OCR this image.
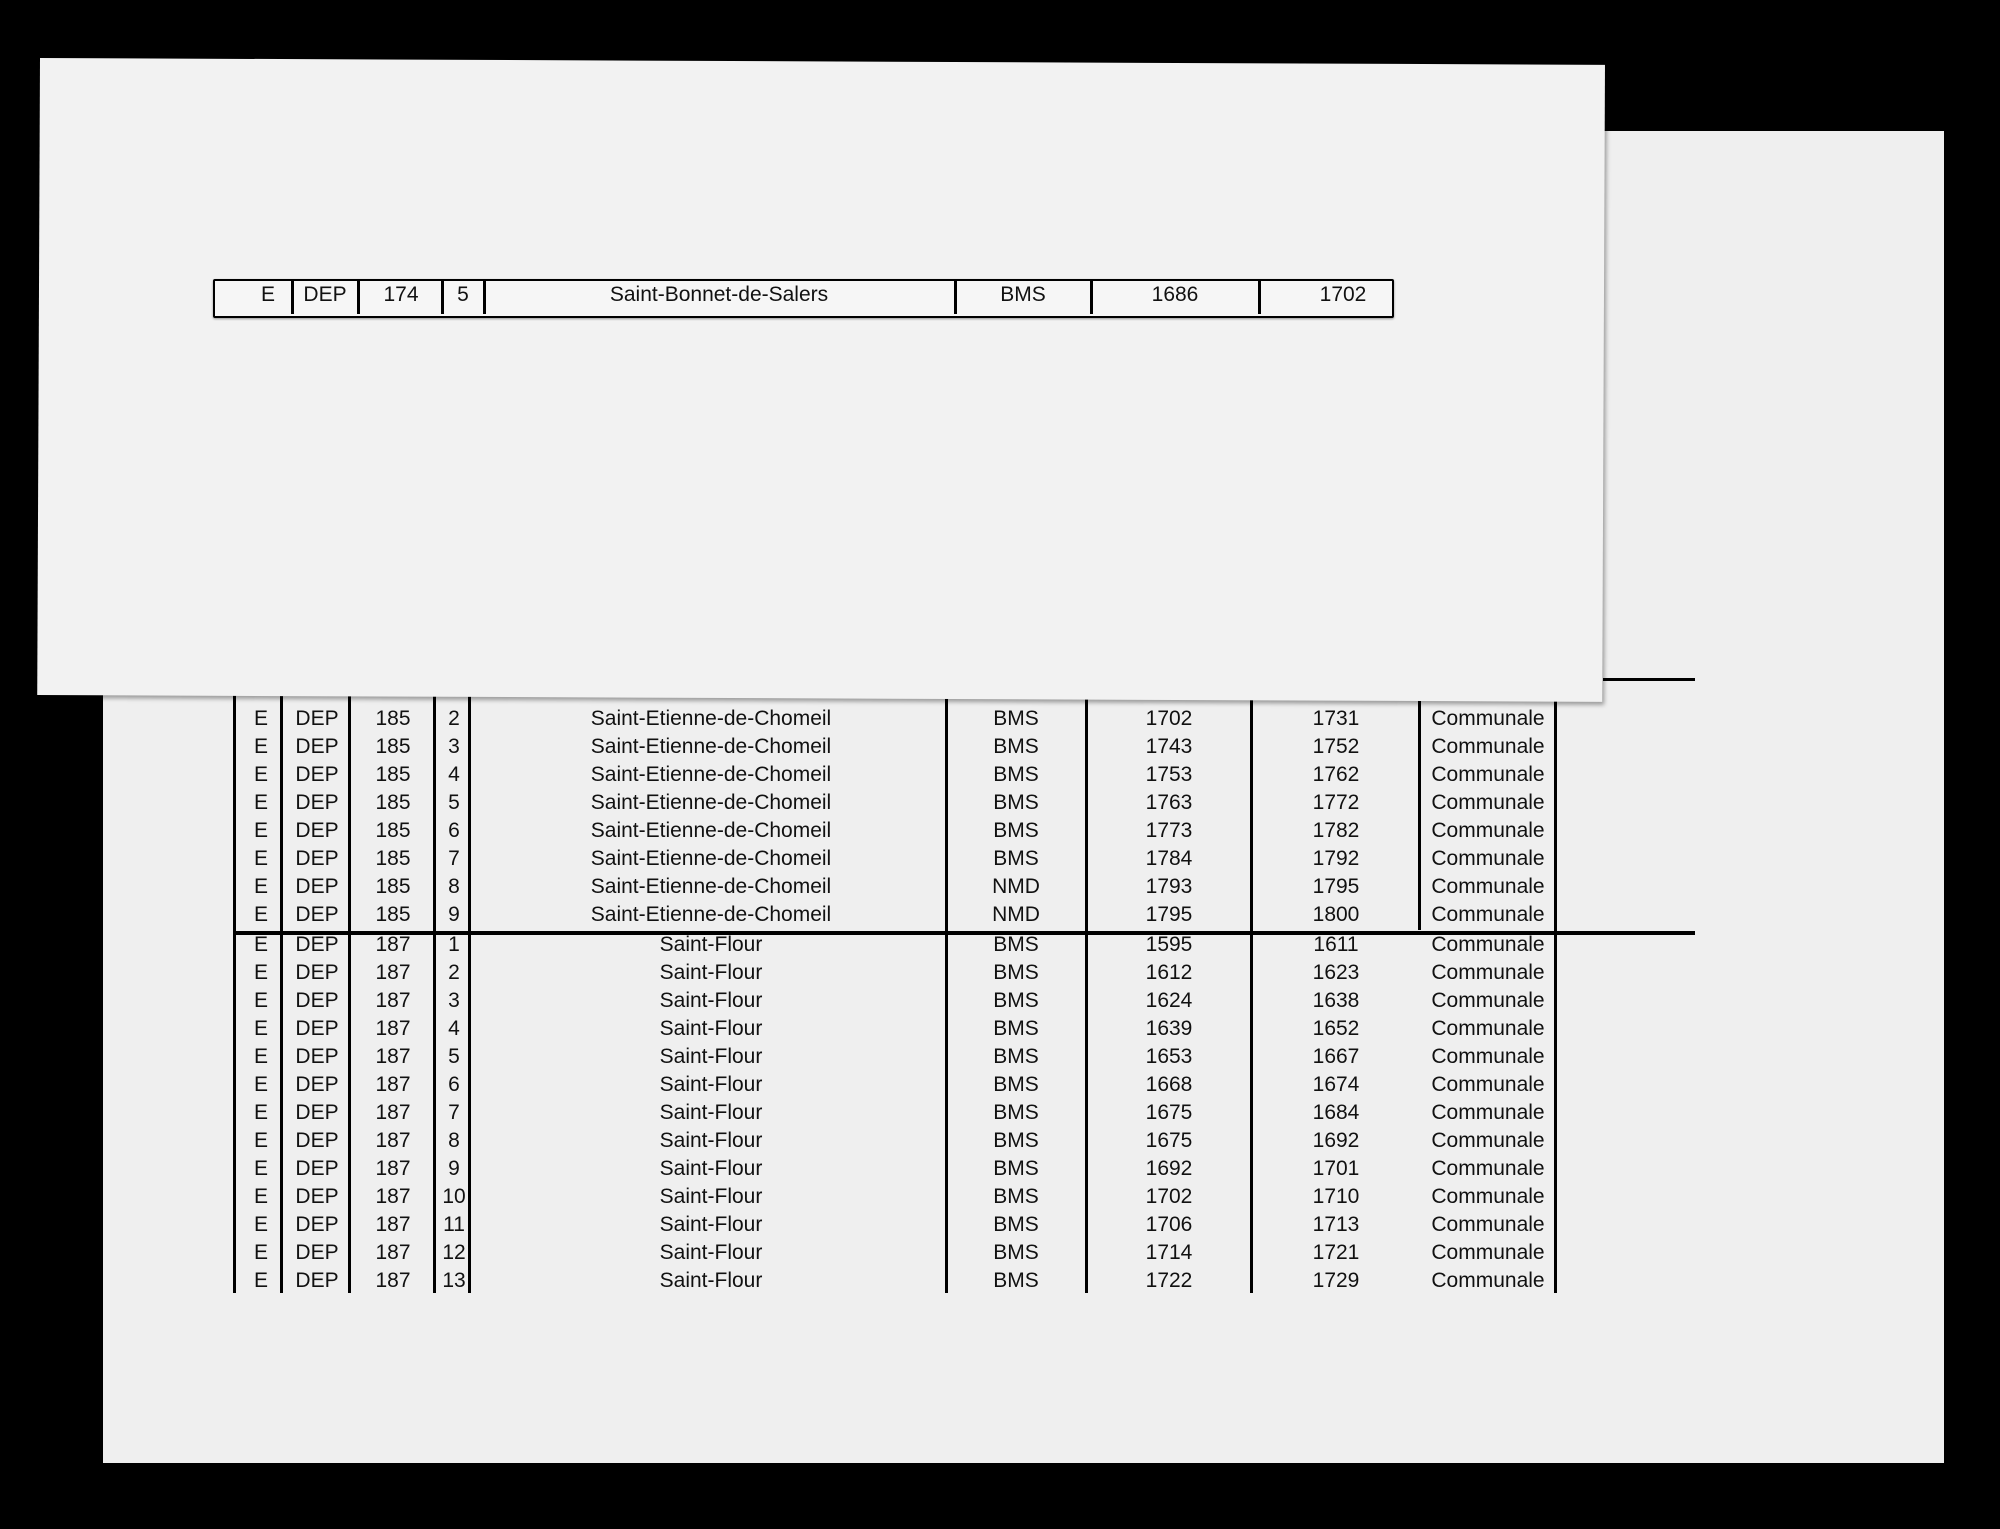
E DEP 185 2	Saint-Etienne-de-Chomeil	BMS	1702	1731	Communale
E DEP 185 3	Saint-Etienne-de-Chomeil	BMS	1743	1752	Communale
E DEP 185 4	Saint-Etienne-de-Chomeil	BMS	1753	1762	Communale
E DEP 185 5	Saint-Etienne-de-Chomeil	BMS	1763	1772	Communale
E DEP 185 6	Saint-Etienne-de-Chomeil	BMS	1773	1782	Communale
E DEP 185 7	Saint-Etienne-de-Chomeil	BMS	1784	1792	Communale
E DEP 185 8	Saint-Etienne-de-Chomeil	NMD	1793	1795	Communale
E DEP 185 9	Saint-Etienne-de-Chomeil	NMD	1795	1800	Communale
E DEP 187 1	Saint-Flour	BMS	1595	1611	Communale
E DEP 187 2	Saint-Flour	BMS	1612	1623	Communale
E DEP 187 3	Saint-Flour	BMS	1624	1638	Communale
E DEP 187 4	Saint-Flour	BMS	1639	1652	Communale
E DEP 187 5	Saint-Flour	BMS	1653	1667	Communale
E DEP 187 6	Saint-Flour	BMS	1668	1674	Communale
E DEP 187 7	Saint-Flour	BMS	1675	1684	Communale
E DEP 187 8	Saint-Flour	BMS	1675	1692	Communale
E DEP 187 9	Saint-Flour	BMS	1692	1701	Communale
E DEP 187 10	Saint-Flour	BMS	1702	1710	Communale
E DEP 187 11	Saint-Flour	BMS	1706	1713	Communale
E DEP 187 12	Saint-Flour	BMS	1714	1721	Communale
E DEP 187 13	Saint-Flour	BMS	1722	1729	Communale
E DEP 174 5	Saint-Bonnet-de-Salers	BMS	1686	1702
